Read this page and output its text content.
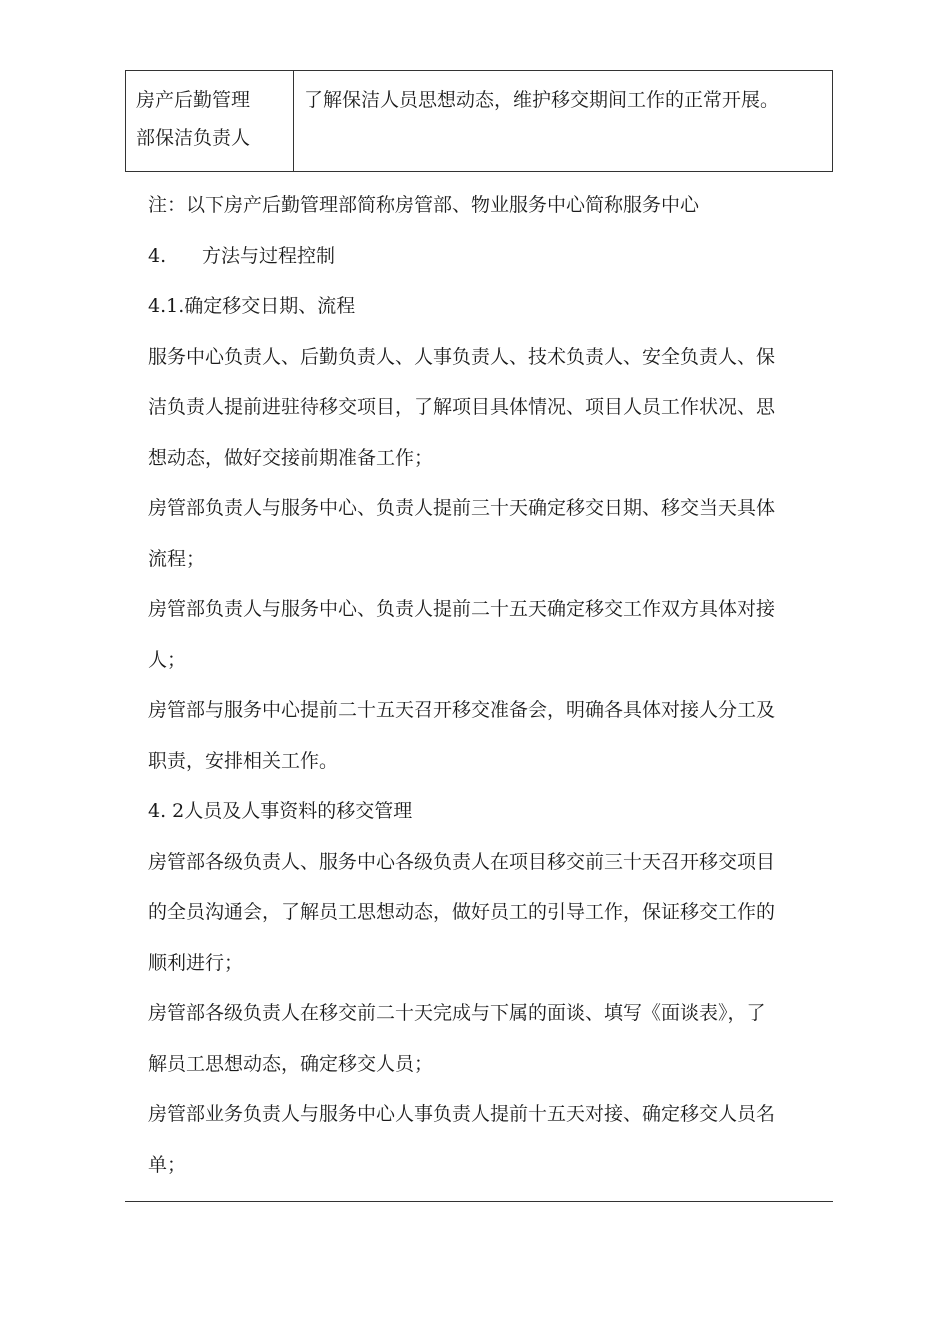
房产后勤管理
部保洁负责人
了解保洁人员思想动态，维护移交期间工作的正常开展。
注：以下房产后勤管理部简称房管部、物业服务中心简称服务中心
4. 方法与过程控制
4.1.确定移交日期、流程
服务中心负责人、后勤负责人、人事负责人、技术负责人、安全负责人、保
洁负责人提前进驻待移交项目，了解项目具体情况、项目人员工作状况、思
想动态，做好交接前期准备工作；
房管部负责人与服务中心、负责人提前三十天确定移交日期、移交当天具体
流程；
房管部负责人与服务中心、负责人提前二十五天确定移交工作双方具体对接
人；
房管部与服务中心提前二十五天召开移交准备会，明确各具体对接人分工及
职责，安排相关工作。
4. 2人员及人事资料的移交管理
房管部各级负责人、服务中心各级负责人在项目移交前三十天召开移交项目
的全员沟通会，了解员工思想动态，做好员工的引导工作，保证移交工作的
顺利进行；
房管部各级负责人在移交前二十天完成与下属的面谈、填写《面谈表》，了
解员工思想动态，确定移交人员；
房管部业务负责人与服务中心人事负责人提前十五天对接、确定移交人员名
单；
